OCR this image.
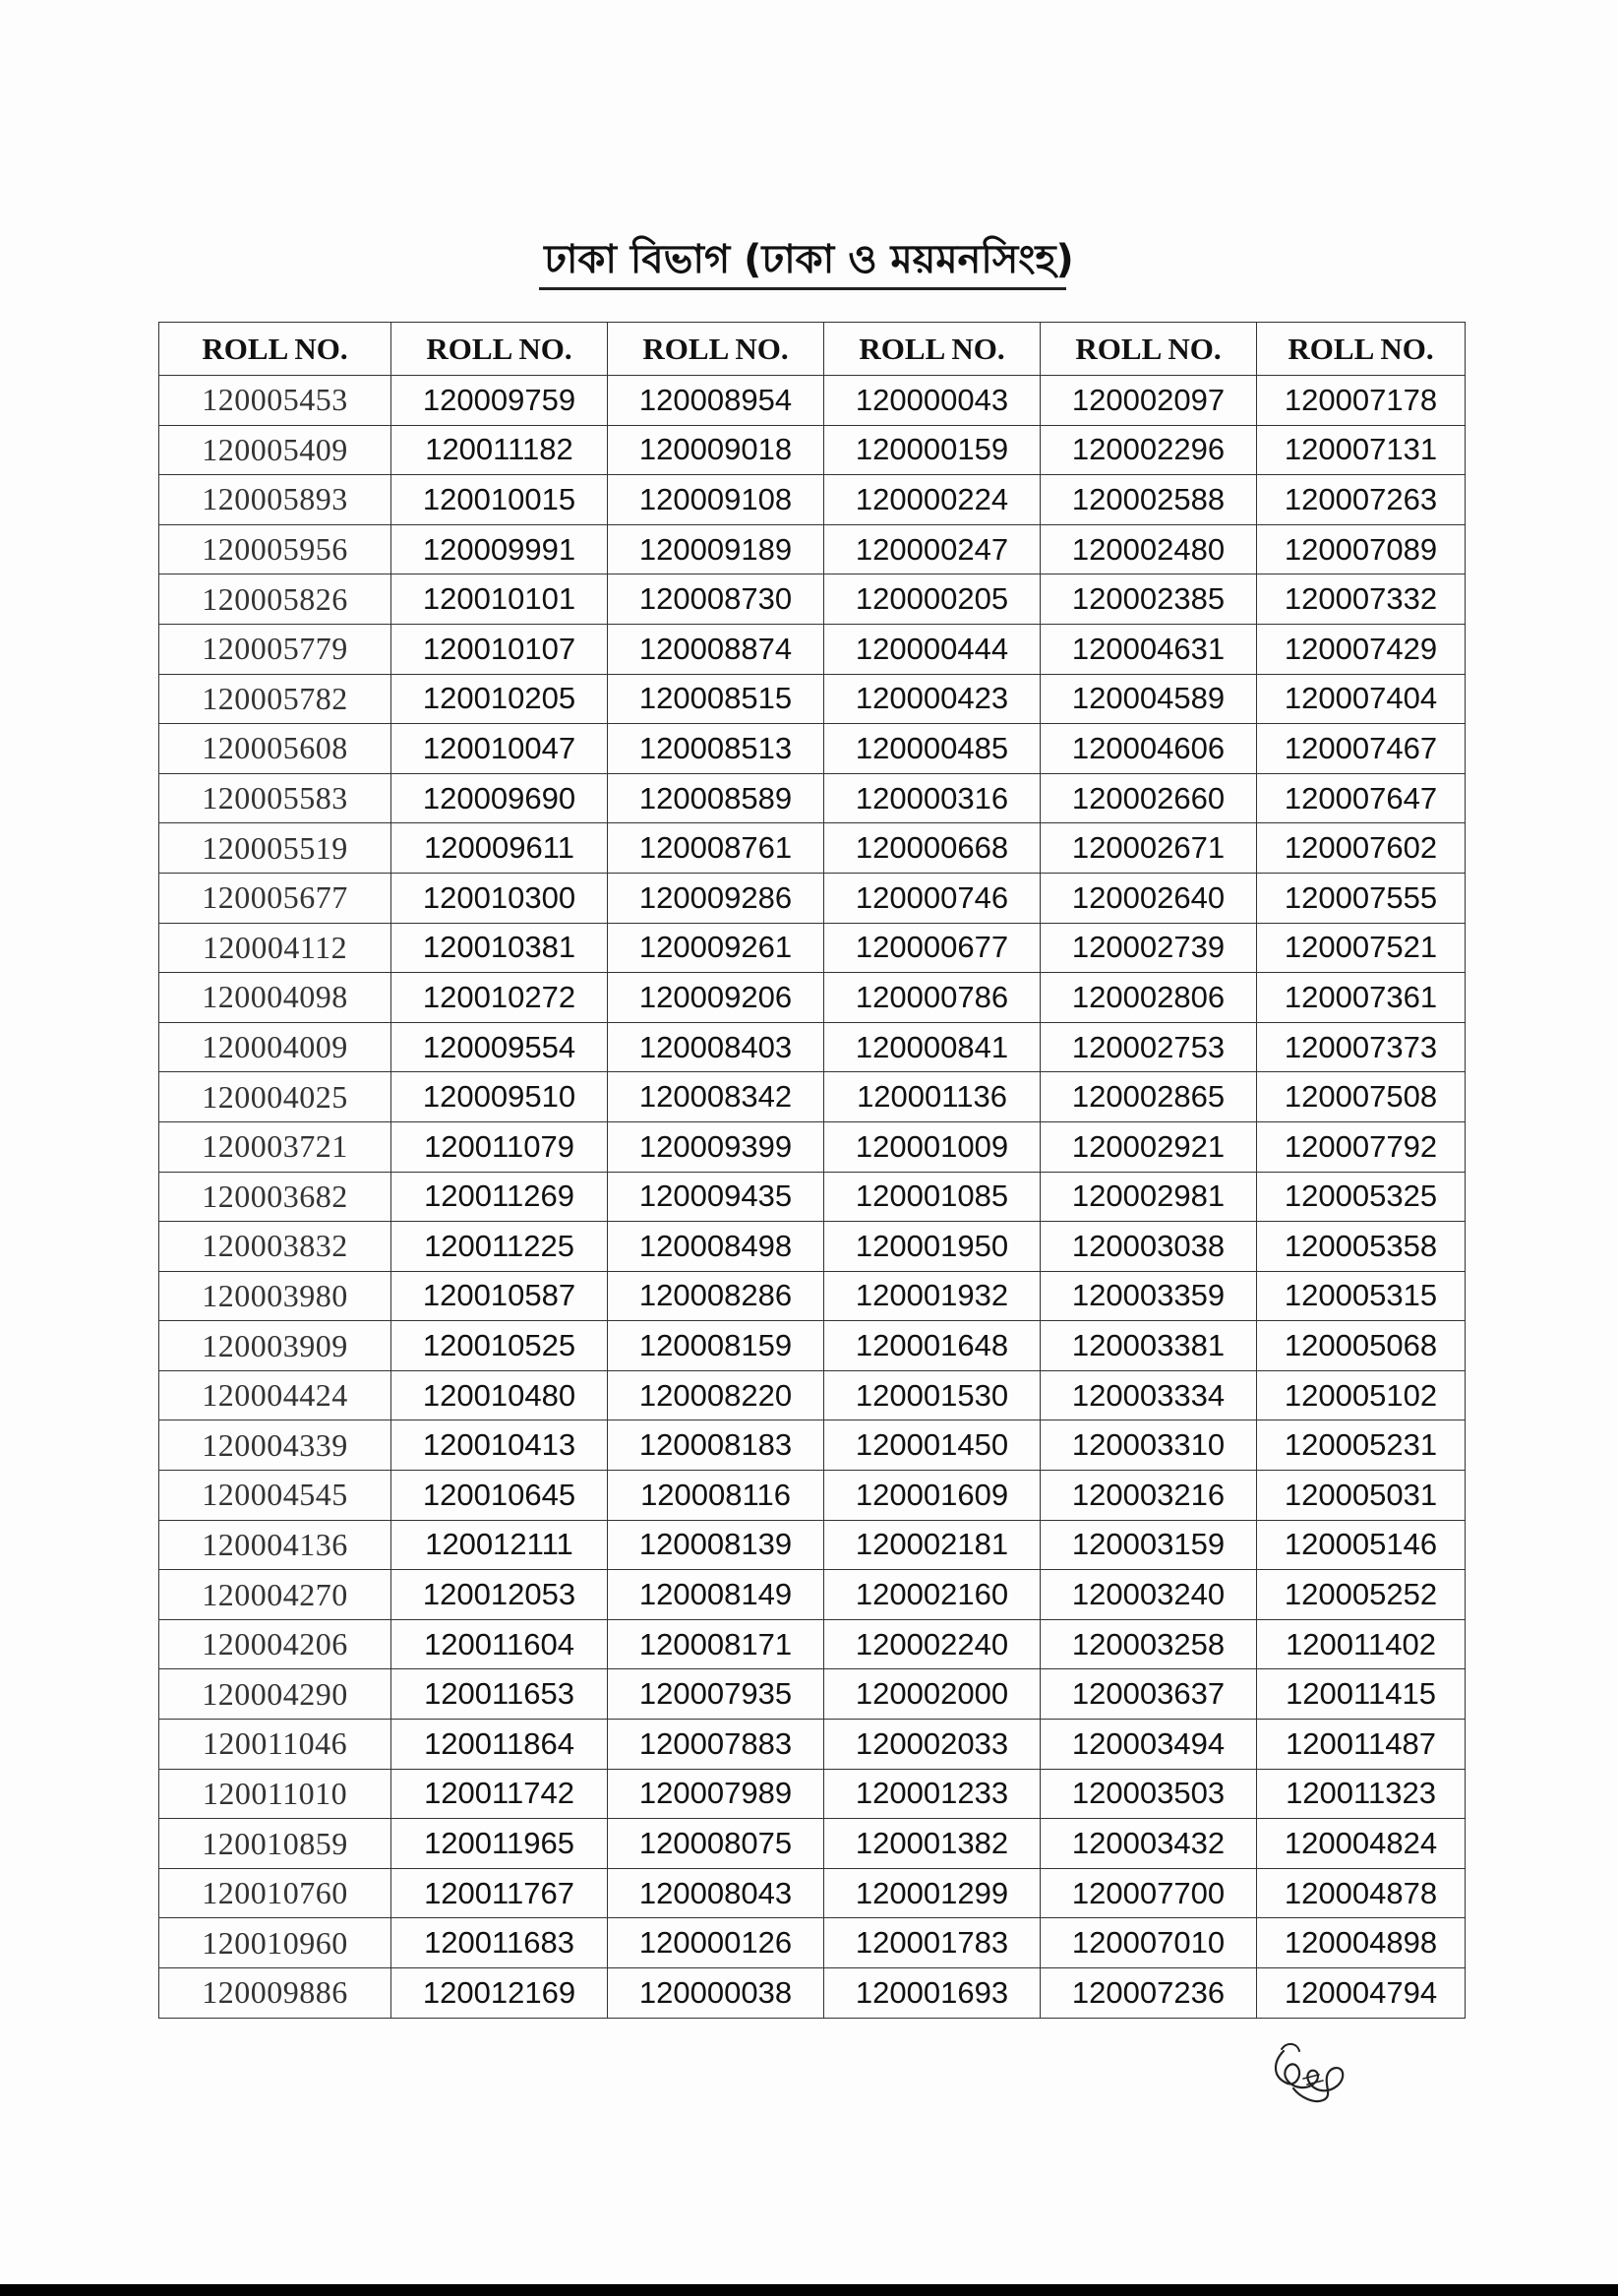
ঢাকা বিভাগ (ঢাকা ও ময়মনসিংহ)
ROLL NO.	ROLL NO.	ROLL NO.	ROLL NO.	ROLL NO.	ROLL NO.
120005453	120009759	120008954	120000043	120002097	120007178
120005409	120011182	120009018	120000159	120002296	120007131
120005893	120010015	120009108	120000224	120002588	120007263
120005956	120009991	120009189	120000247	120002480	120007089
120005826	120010101	120008730	120000205	120002385	120007332
120005779	120010107	120008874	120000444	120004631	120007429
120005782	120010205	120008515	120000423	120004589	120007404
120005608	120010047	120008513	120000485	120004606	120007467
120005583	120009690	120008589	120000316	120002660	120007647
120005519	120009611	120008761	120000668	120002671	120007602
120005677	120010300	120009286	120000746	120002640	120007555
120004112	120010381	120009261	120000677	120002739	120007521
120004098	120010272	120009206	120000786	120002806	120007361
120004009	120009554	120008403	120000841	120002753	120007373
120004025	120009510	120008342	120001136	120002865	120007508
120003721	120011079	120009399	120001009	120002921	120007792
120003682	120011269	120009435	120001085	120002981	120005325
120003832	120011225	120008498	120001950	120003038	120005358
120003980	120010587	120008286	120001932	120003359	120005315
120003909	120010525	120008159	120001648	120003381	120005068
120004424	120010480	120008220	120001530	120003334	120005102
120004339	120010413	120008183	120001450	120003310	120005231
120004545	120010645	120008116	120001609	120003216	120005031
120004136	120012111	120008139	120002181	120003159	120005146
120004270	120012053	120008149	120002160	120003240	120005252
120004206	120011604	120008171	120002240	120003258	120011402
120004290	120011653	120007935	120002000	120003637	120011415
120011046	120011864	120007883	120002033	120003494	120011487
120011010	120011742	120007989	120001233	120003503	120011323
120010859	120011965	120008075	120001382	120003432	120004824
120010760	120011767	120008043	120001299	120007700	120004878
120010960	120011683	120000126	120001783	120007010	120004898
120009886	120012169	120000038	120001693	120007236	120004794
